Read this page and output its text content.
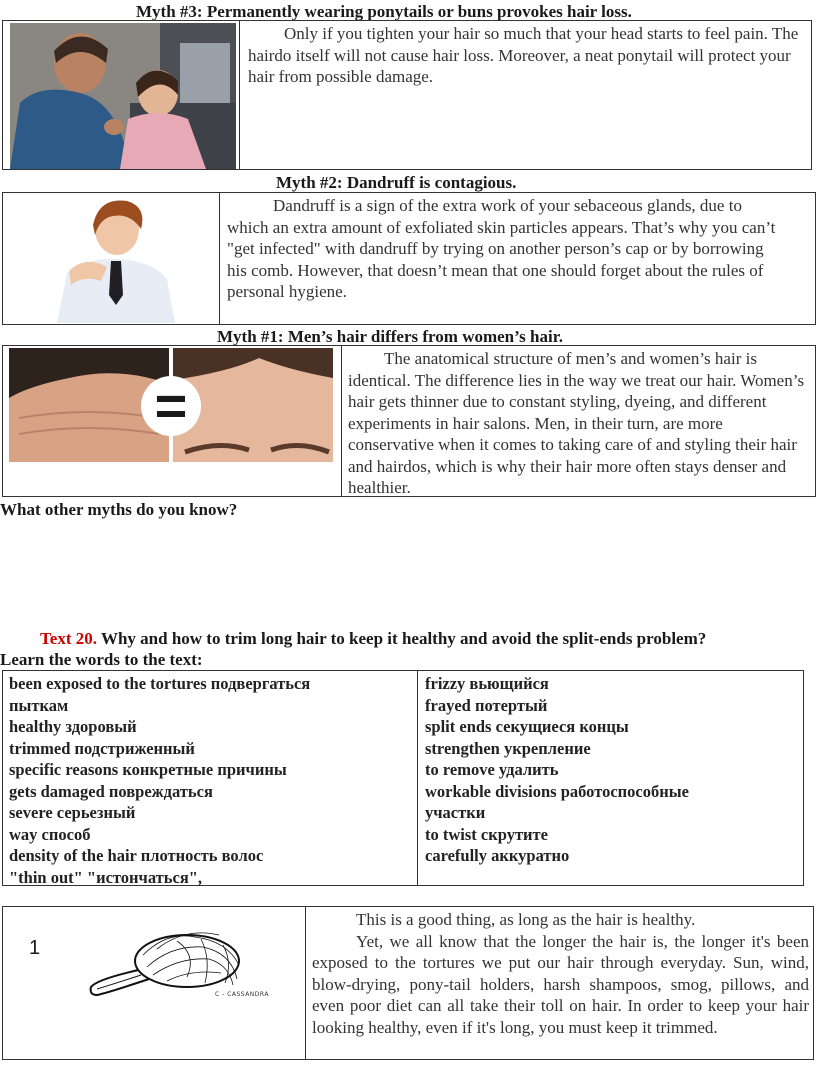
Myth #3: Permanently wearing ponytails or buns provokes hair loss.
Only if you tighten your hair so much that your head starts to feel pain. The hairdo itself will not cause hair loss. Moreover, a neat ponytail will protect your hair from possible damage.
Myth #2: Dandruff is contagious.
Dandruff is a sign of the extra work of your sebaceous glands, due to which an extra amount of exfoliated skin particles appears. That’s why you can’t "get infected" with dandruff by trying on another person’s cap or by borrowing his comb. However, that doesn’t mean that one should forget about the rules of personal hygiene.
Myth #1: Men’s hair differs from women’s hair.
=
The anatomical structure of men’s and women’s hair is identical. The difference lies in the way we treat our hair. Women’s hair gets thinner due to constant styling, dyeing, and different experiments in hair salons. Men, in their turn, are more conservative when it comes to taking care of and styling their hair and hairdos, which is why their hair more often stays denser and healthier.
What other myths do you know?
Text 20. Why and how to trim long hair to keep it healthy and avoid the split-ends problem?
Learn the words to the text:
been exposed to the tortures подвергаться
пыткам
healthy здоровый
trimmed подстриженный
specific reasons конкретные причины
gets damaged повреждаться
severe серьезный
way способ
density of the hair плотность волос
"thin out" "истончаться",
frizzy вьющийся
frayed потертый
split ends секущиеся концы
strengthen укрепление
to remove удалить
workable divisions работоспособные
участки
to twist скрутите
carefully аккуратно
1
C - CASSANDRA
This is a good thing, as long as the hair is healthy.
Yet, we all know that the longer the hair is, the longer it's been exposed to the tortures we put our hair through everyday. Sun, wind, blow-drying, pony-tail holders, harsh shampoos, smog, pillows, and even poor diet can all take their toll on hair. In order to keep your hair looking healthy, even if it's long, you must keep it trimmed.
